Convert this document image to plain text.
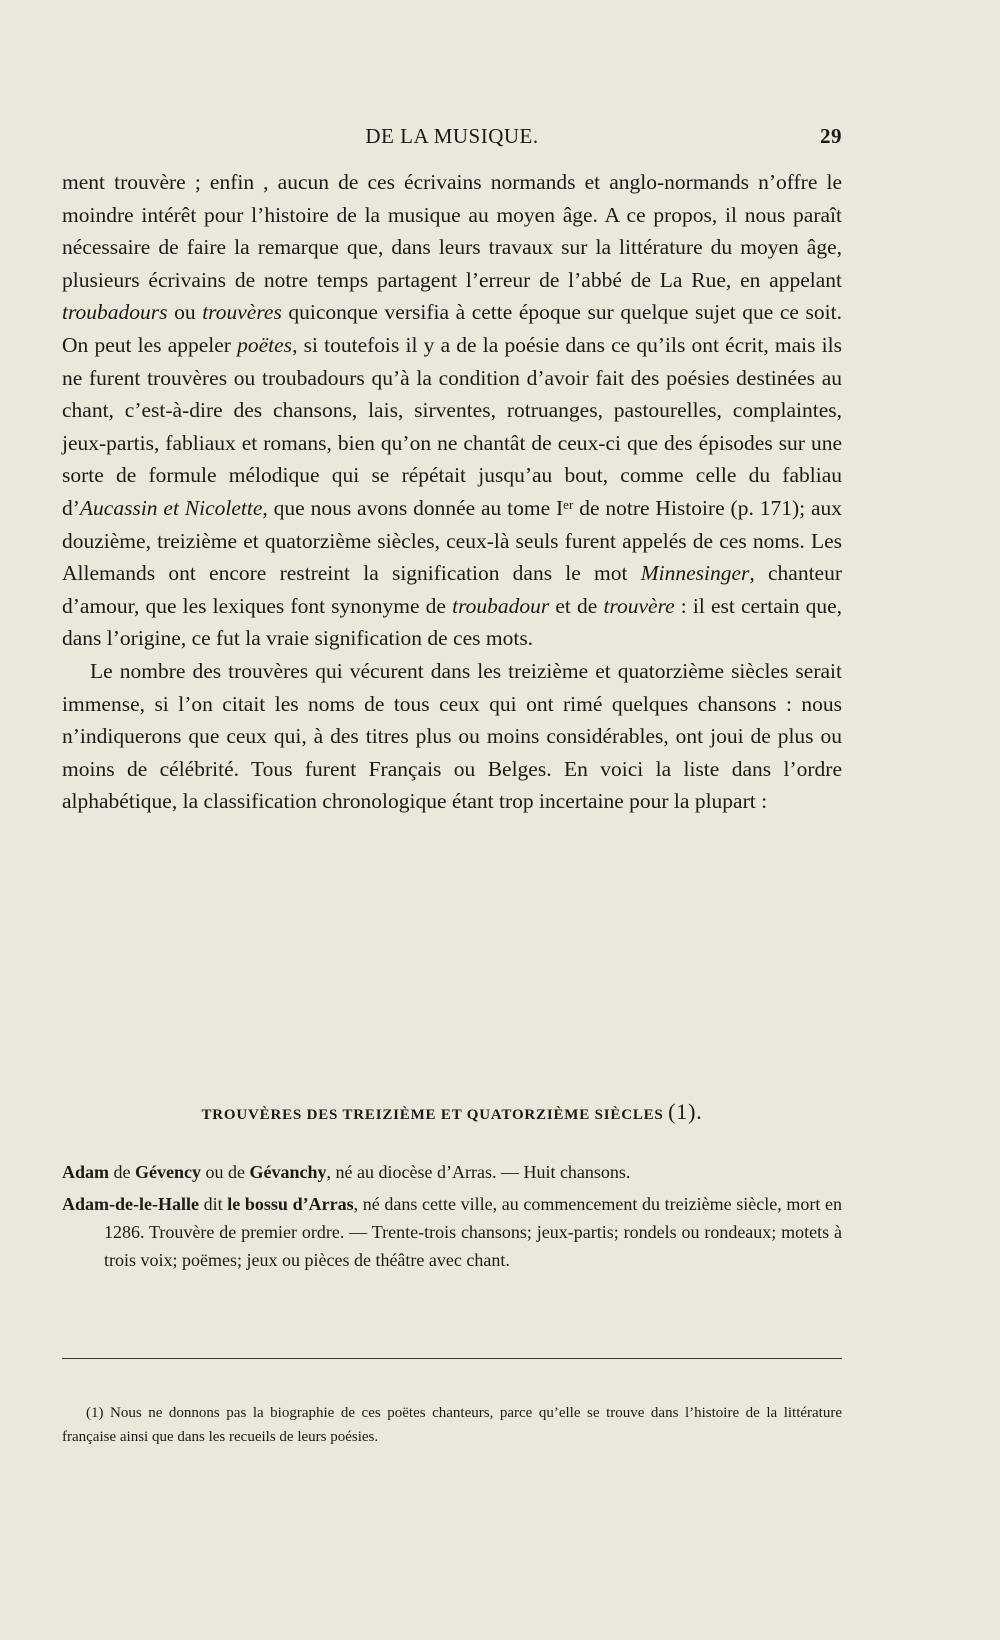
DE LA MUSIQUE.	29

ment trouvère ; enfin , aucun de ces écrivains normands et anglo-normands n’offre le moindre intérêt pour l’histoire de la musique au moyen âge. A ce propos, il nous paraît nécessaire de faire la remarque que, dans leurs travaux sur la littérature du moyen âge, plusieurs écrivains de notre temps partagent l’erreur de l’abbé de La Rue, en appelant troubadours ou trouvères quiconque versifia à cette époque sur quelque sujet que ce soit. On peut les appeler poëtes, si toutefois il y a de la poésie dans ce qu’ils ont écrit, mais ils ne furent trouvères ou troubadours qu’à la condition d’avoir fait des poésies destinées au chant, c’est-à-dire des chansons, lais, sirventes, rotruanges, pastourelles, complaintes, jeux-partis, fabliaux et romans, bien qu’on ne chantât de ceux-ci que des épisodes sur une sorte de formule mélodique qui se répétait jusqu’au bout, comme celle du fabliau d’Aucassin et Nicolette, que nous avons donnée au tome Iᵉʳ de notre Histoire (p. 171); aux douzième, treizième et quatorzième siècles, ceux-là seuls furent appelés de ces noms. Les Allemands ont encore restreint la signification dans le mot Minnesinger, chanteur d’amour, que les lexiques font synonyme de troubadour et de trouvère : il est certain que, dans l’origine, ce fut la vraie signification de ces mots.

Le nombre des trouvères qui vécurent dans les treizième et quatorzième siècles serait immense, si l’on citait les noms de tous ceux qui ont rimé quelques chansons : nous n’indiquerons que ceux qui, à des titres plus ou moins considérables, ont joui de plus ou moins de célébrité. Tous furent Français ou Belges. En voici la liste dans l’ordre alphabétique, la classification chronologique étant trop incertaine pour la plupart :

TROUVÈRES DES TREIZIÈME ET QUATORZIÈME SIÈCLES (1).

Adam de Gévency ou de Gévanchy, né au diocèse d’Arras. — Huit chansons.

Adam-de-le-Halle dit le bossu d’Arras, né dans cette ville, au commencement du treizième siècle, mort en 1286. Trouvère de premier ordre. — Trente-trois chansons; jeux-partis; rondels ou rondeaux; motets à trois voix; poëmes; jeux ou pièces de théâtre avec chant.

(1) Nous ne donnons pas la biographie de ces poëtes chanteurs, parce qu’elle se trouve dans l’histoire de la littérature française ainsi que dans les recueils de leurs poésies.
